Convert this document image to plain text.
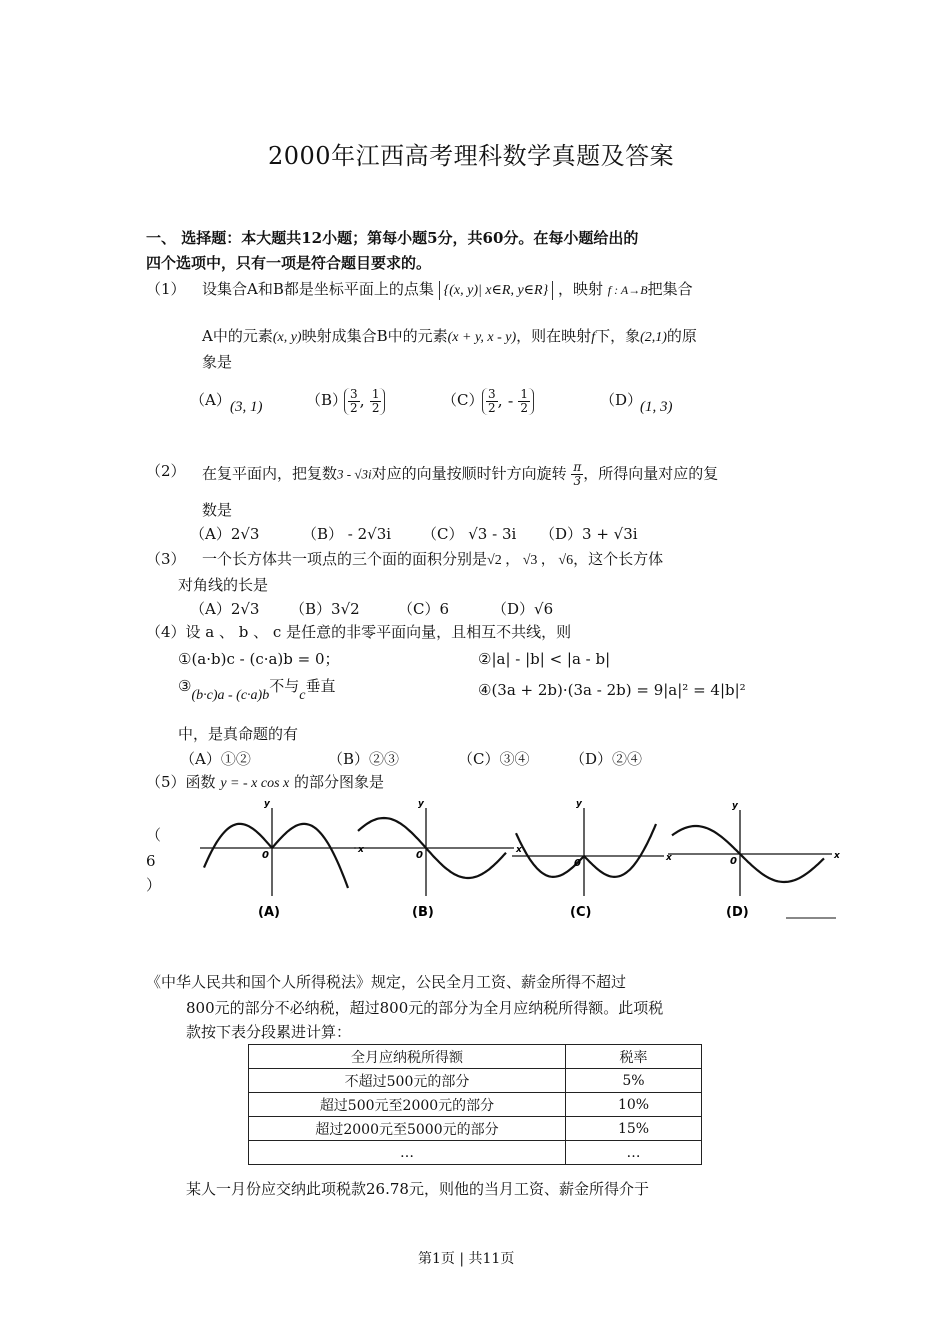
2000年江西高考理科数学真题及答案
一、 选择题：本大题共12小题；第每小题5分，共60分。在每小题给出的
四个选项中，只有一项是符合题目要求的。
（1） 设集合A和B都是坐标平面上的点集 {(x, y)| x∈R, y∈R} ，映射 f : A→B把集合
A中的元素(x, y)映射成集合B中的元素(x + y, x - y)，则在映射f下，象(2,1)的原
象是
（A） (3, 1)	$(B) \frac{3}{2}$ , $\frac{1}{2}$	$(C) \frac{3}{2}$ , - $\frac{1}{2}$	（D）
(1, 3)
（2） 在复平面内，把复数3 - √3i对应的向量按顺时针方向旋转 $\frac{\pi}{3}$ ，所得向量对应的复
数是
（A）2√3	（B） - 2√3i （C） √3 - 3i （D）3 + √3i
（3） 一个长方体共一项点的三个面的面积分别是√2 ， √3 ， √6，这个长方体
对角线的长是
（A）2√3 （B）3√2	（C）6	（D）√6
（4）设 a 、 b 、 c 是任意的非零平面向量，且相互不共线，则
①(a·b)c - (c·a)b = 0；	②|a| - |b| < |a - b|
③(b·c)a - (c·a)b不与c垂直	④(3a + 2b)·(3a - 2b) = 9|a|² = 4|b|²
中，是真命题的有
（A）①②	（B）②③	（C）③④	（D）②④
（5）函数 y = - x cos x 的部分图象是
（
6
）
y
x
0
(A)
y
x
0
(B)
y
x
0
(C)
y
x
0
(D)
《中华人民共和国个人所得税法》规定，公民全月工资、薪金所得不超过
800元的部分不必纳税，超过800元的部分为全月应纳税所得额。此项税
款按下表分段累进计算：
全月应纳税所得额	税率
不超过500元的部分	5%
超过500元至2000元的部分	10%
超过2000元至5000元的部分	15%
…	…
某人一月份应交纳此项税款26.78元，则他的当月工资、薪金所得介于
第1页 | 共11页
